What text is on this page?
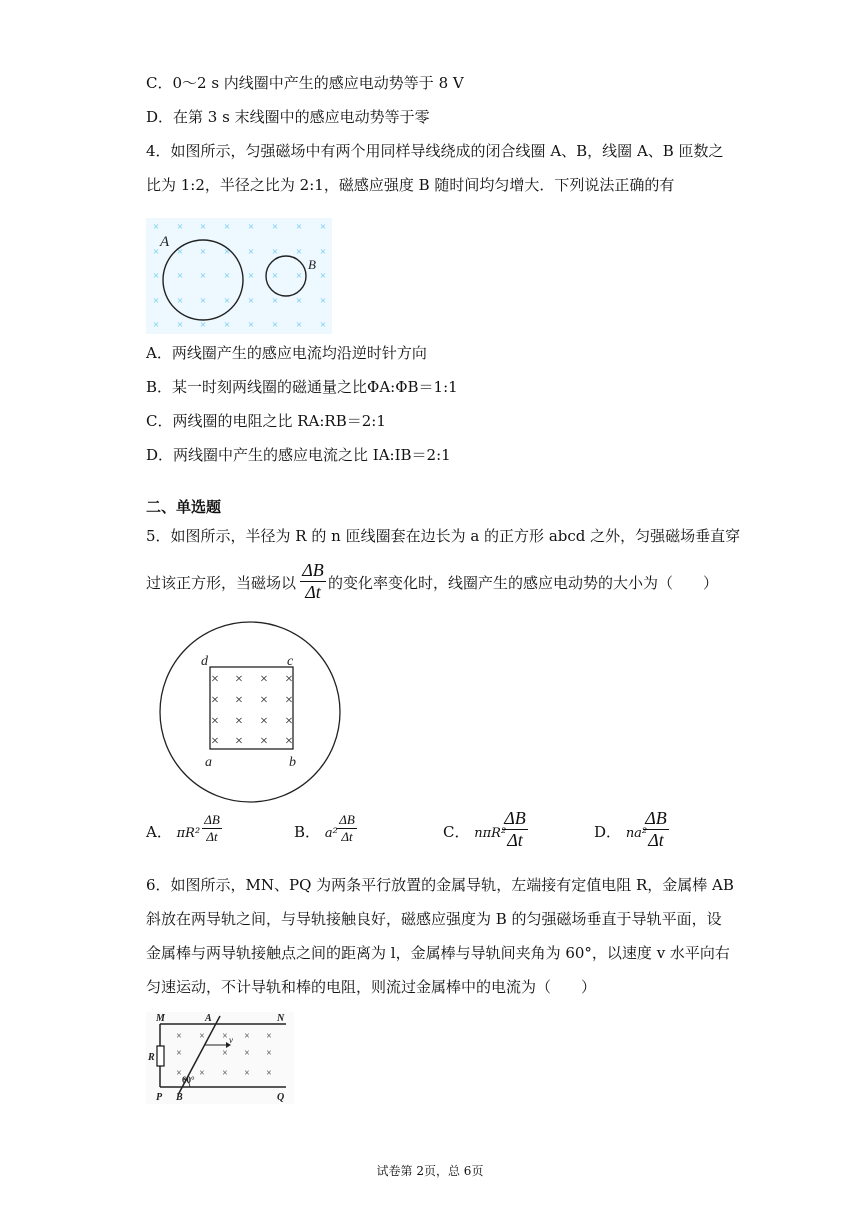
C．0～2 s 内线圈中产生的感应电动势等于 8 V
D．在第 3 s 末线圈中的感应电动势等于零
4．如图所示，匀强磁场中有两个用同样导线绕成的闭合线圈 A、B，线圈 A、B 匝数之
比为 1:2，半径之比为 2:1，磁感应强度 B 随时间均匀增大．下列说法正确的有
× × × × × × × ×
× × × × × × × ×
× × × × × × × ×
× × × × × × × ×
× × × × × × × ×
A
B
A．两线圈产生的感应电流均沿逆时针方向
B．某一时刻两线圈的磁通量之比ΦA:ΦB＝1:1
C．两线圈的电阻之比 RA:RB＝2:1
D．两线圈中产生的感应电流之比 IA:IB＝2:1
二、单选题
5．如图所示，半径为 R 的 n 匝线圈套在边长为 a 的正方形 abcd 之外，匀强磁场垂直穿
过该正方形，当磁场以
ΔB
Δt 的变化率变化时，线圈产生的感应电动势的大小为（　　）
× × × ×
× × × ×
× × × ×
× × × ×
d	c
a	b
A． πR²
ΔB
Δt	B． a²
ΔB
Δt	C． nπR²
ΔB
Δt	D． na²
ΔB
Δt
6．如图所示，MN、PQ 为两条平行放置的金属导轨，左端接有定值电阻 R，金属棒 AB
斜放在两导轨之间，与导轨接触良好，磁感应强度为 B 的匀强磁场垂直于导轨平面，设
金属棒与两导轨接触点之间的距离为 l，金属棒与导轨间夹角为 60°，以速度 v 水平向右
匀速运动，不计导轨和棒的电阻，则流过金属棒中的电流为（　　）
× × × × ×
×	× × ×
× × × × ×
M	A	N
R
v
60°
P B	Q
试卷第 2页，总 6页
